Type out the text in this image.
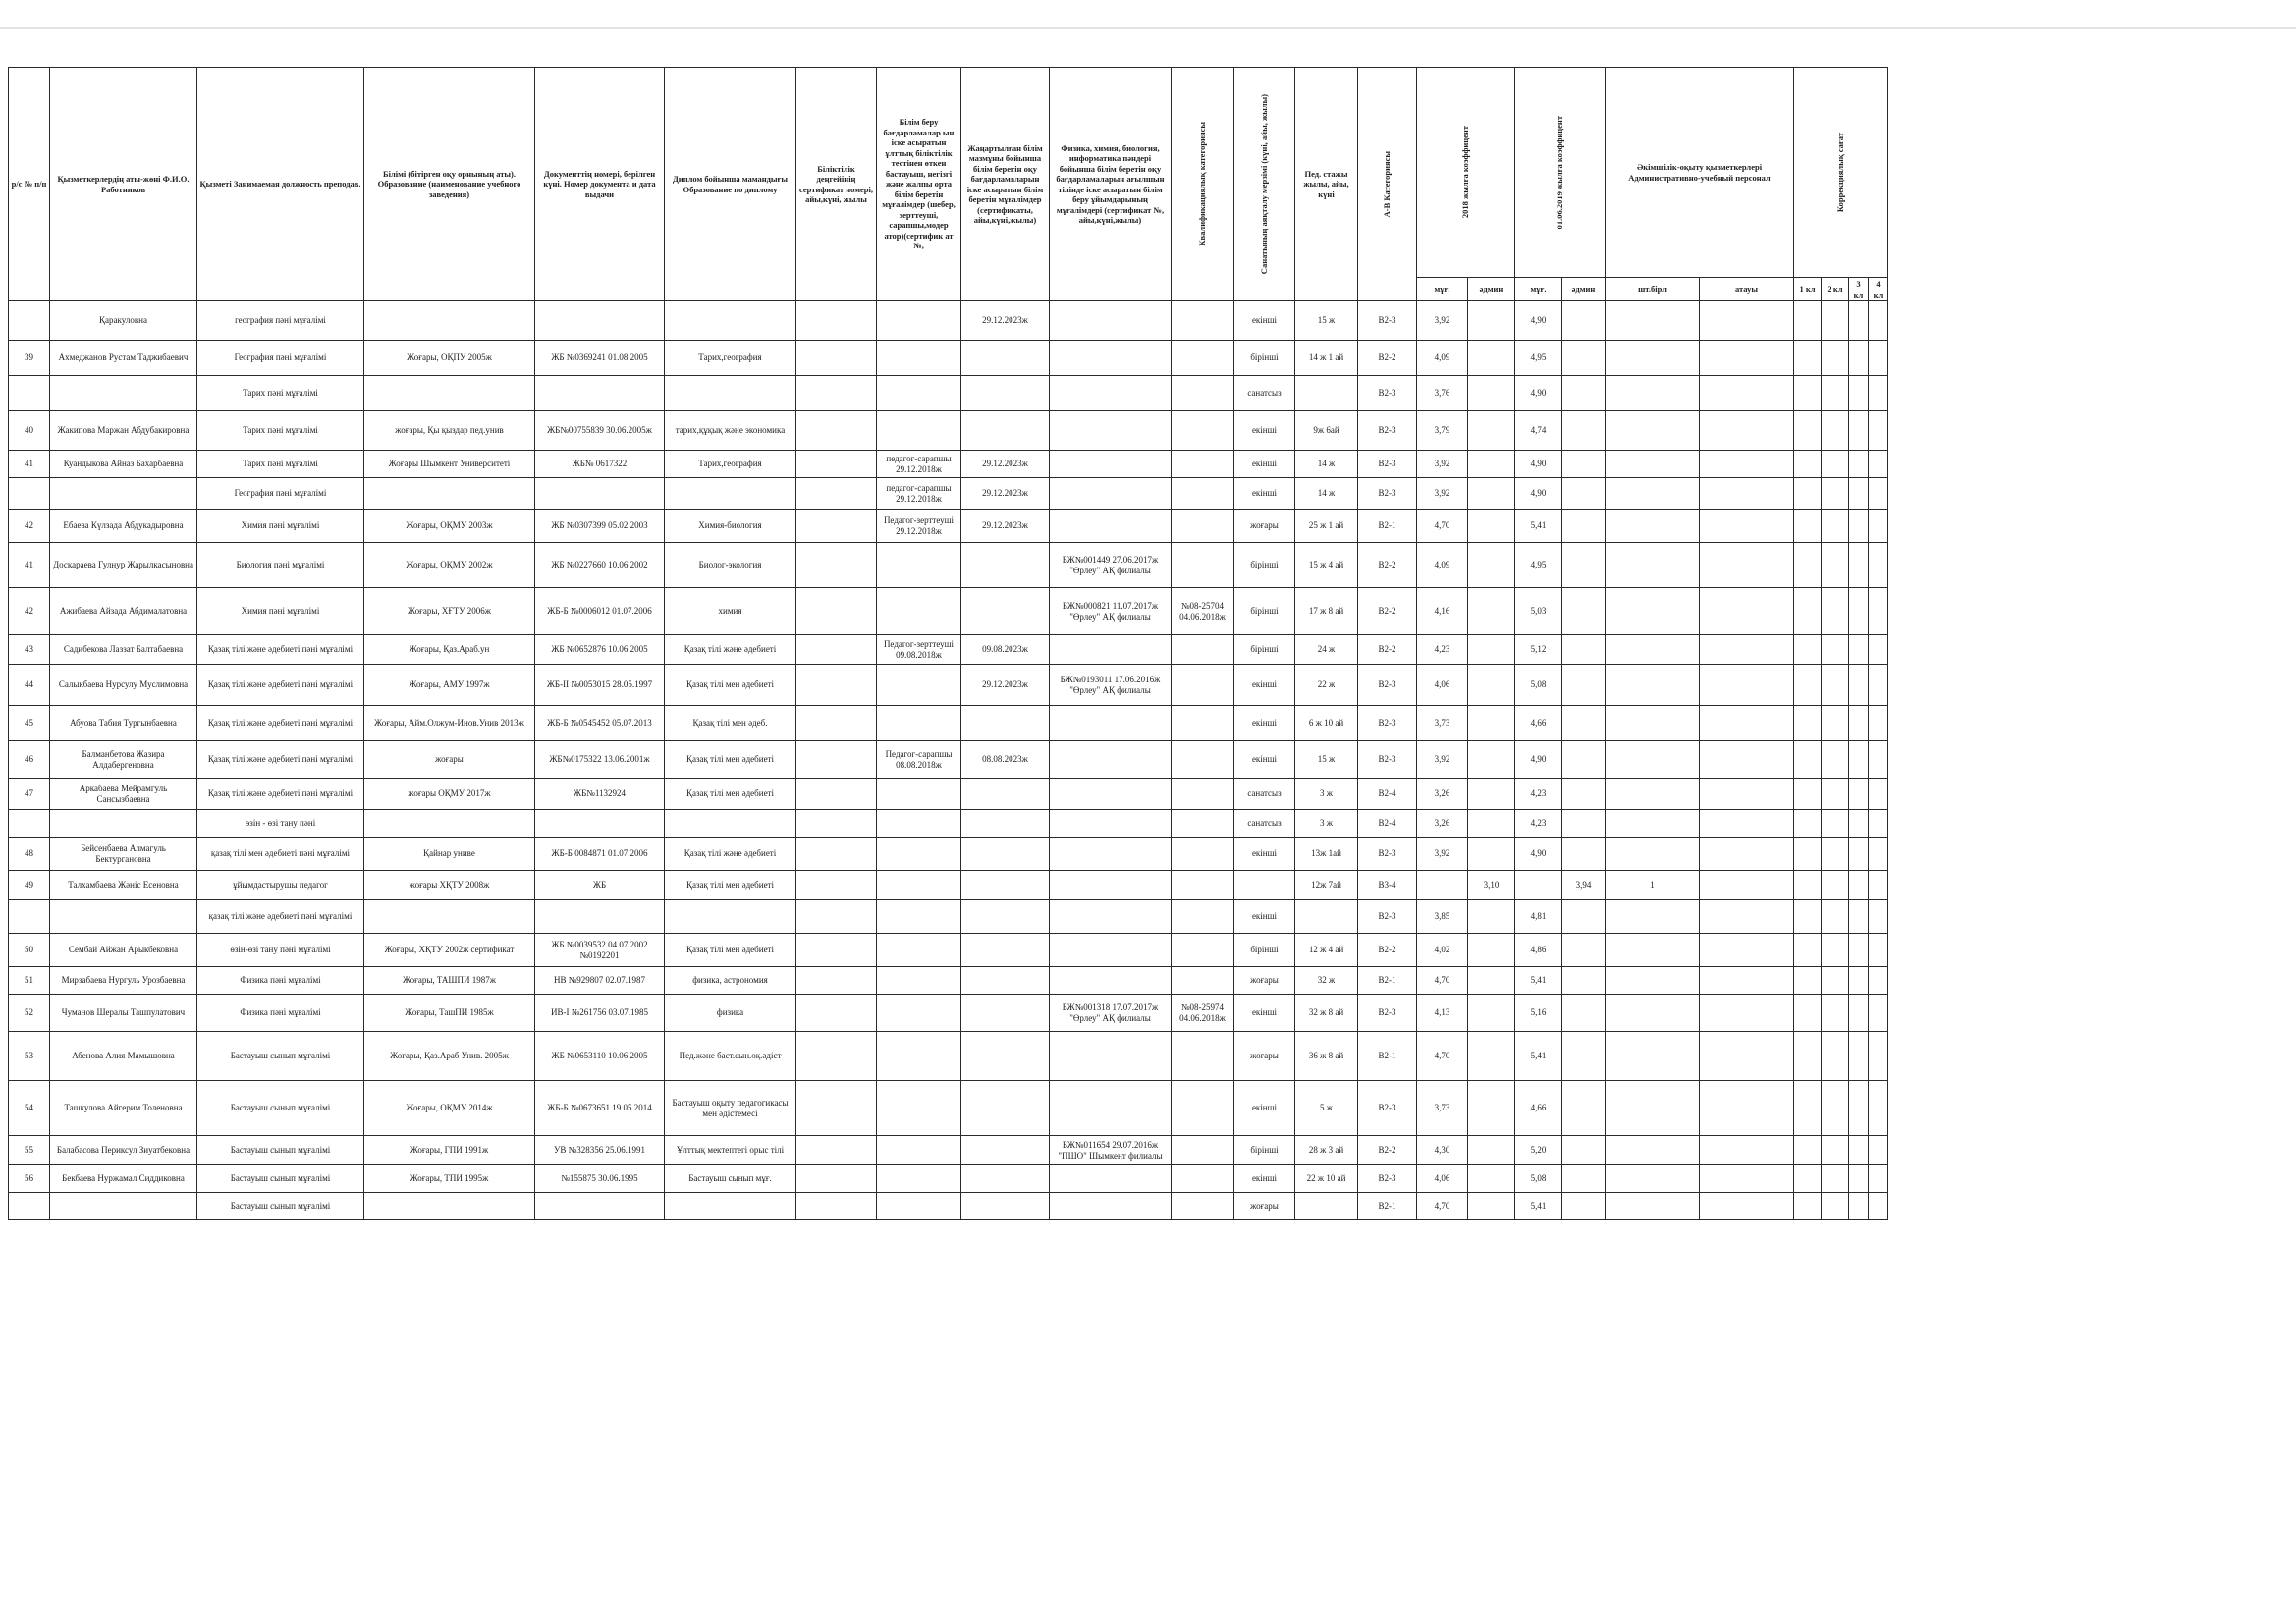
р/с № п/п	Қызметкерлердің аты-жөні Ф.И.О. Работников	Қызметі Занимаемая должность преподав.	Білімі (бітірген оқу орнының аты). Образование (наименование учебного заведения)	Документтің номері, берілген күні. Номер документа и дата выдачи	Диплом бойынша мамандығы Образование по диплому	Біліктілік деңгейінің сертификат номері, айы,күні, жылы	Білім беру бағдарламалар ын іске асыратын ұлттық біліктілік тестінен өткен бастауыш, негізгі және жалпы орта білім беретін мұғалімдер (шебер, зерттеуші, сарапшы,модер атор)(сертифик ат №,	Жаңартылған білім мазмұны бойынша білім беретін оқу бағдарламаларын іске асыратын білім беретін мұғалімдер (сертификаты, айы,күні,жылы)	Физика, химия, биология, информатика пәндері бойынша білім беретін оқу бағдарламаларын ағылшын тілінде іске асыратын білім беру ұйымдарының мұғалімдері (сертификат №, айы,күні,жылы)	Квалификациялық категориясы	Санатының аяқталу мерзімі (күні, айы, жылы)	Пед. стажы жылы, айы, күні	А-В Категориясы	2018 жылға коэффицент		01.06.2019 жылға коэффицент		Әкімшілік-оқыту қызметкерлері Административно-учебный персонал		Коррекциялық сағат			

														мұғ.	әдмин	мұғ.	әдмин	шт.бірл	атауы	1 кл	2 кл	3 кл	4 кл
	Қаракуловна	география пәні мұғалімі						29.12.2023ж			екінші	15 ж	В2-3	3,92		4,90							
39	Ахмеджанов Рустам Таджибаевич	География пәні мұғалімі	Жоғары, ОҚПУ 2005ж	ЖБ №0369241 01.08.2005	Тарих,география						бірінші	14 ж 1 ай	В2-2	4,09		4,95							
		Тарих пәні мұғалімі									санатсыз		В2-3	3,76		4,90							
40	Жакипова Маржан Абдубакировна	Тарих пәні мұғалімі	жоғары, Қы қыздар пед.унив	ЖБ№00755839 30.06.2005ж	тарих,құқық және экономика						екінші	9ж 6ай	В2-3	3,79		4,74							
41	Куандыкова Айназ Бахарбаевна	Тарих пәні мұғалімі	Жоғары Шымкент Университеті	ЖБ№ 0617322	Тарих,география		педагог-сарапшы 29.12.2018ж	29.12.2023ж			екінші	14 ж	В2-3	3,92		4,90							
		География пәні мұғалімі					педагог-сарапшы 29.12.2018ж	29.12.2023ж			екінші	14 ж	В2-3	3,92		4,90							
42	Ебаева Күлзада Абдукадыровна	Химия пәні мұғалімі	Жоғары, ОҚМУ 2003ж	ЖБ №0307399 05.02.2003	Химия-биология		Педагог-зерттеуші 29.12.2018ж	29.12.2023ж			жоғары	25 ж 1 ай	В2-1	4,70		5,41							
41	Доскараева Гулнур Жарылкасыновна	Биология пәні мұғалімі	Жоғары, ОҚМУ 2002ж	ЖБ №0227660 10.06.2002	Биолог-экология				БЖ№001449 27.06.2017ж "Өрлеу" АҚ филиалы		бірінші	15 ж 4 ай	В2-2	4,09		4,95							
42	Ажибаева Айзада Абдималатовна	Химия пәні мұғалімі	Жоғары, ХҒТУ 2006ж	ЖБ-Б №0006012 01.07.2006	химия				БЖ№000821 11.07.2017ж "Өрлеу" АҚ филиалы	№08-25704 04.06.2018ж	бірінші	17 ж 8 ай	В2-2	4,16		5,03							
43	Садибекова Лаззат Балтабаевна	Қазақ тілі және әдебиеті пәні мұғалімі	Жоғары, Қаз.Араб.ун	ЖБ №0652876 10.06.2005	Қазақ тілі және әдебиеті		Педагог-зерттеуші 09.08.2018ж	09.08.2023ж			бірінші	24 ж	В2-2	4,23		5,12							
44	Салыкбаева Нурсулу Муслимовна	Қазақ тілі және әдебиеті пәні мұғалімі	Жоғары, АМУ 1997ж	ЖБ-II №0053015 28.05.1997	Қазақ тілі мен әдебиеті			29.12.2023ж	БЖ№0193011 17.06.2016ж "Өрлеу" АҚ филиалы		екінші	22 ж	В2-3	4,06		5,08							
45	Абуова Табия Тургынбаевна	Қазақ тілі және әдебиеті пәні мұғалімі	Жоғары, Айм.Олжум-Инов.Унив 2013ж	ЖБ-Б №0545452 05.07.2013	Қазақ тілі мен әдеб.						екінші	6 ж 10 ай	В2-3	3,73		4,66							
46	Балманбетова Жазира Алдабергеновна	Қазақ тілі және әдебиеті пәні мұғалімі	жоғары	ЖБ№0175322 13.06.2001ж	Қазақ тілі мен әдебиеті		Педагог-сарапшы 08.08.2018ж	08.08.2023ж			екінші	15 ж	В2-3	3,92		4,90							
47	Аркабаева Мейрамгуль Сансызбаевна	Қазақ тілі және әдебиеті пәні мұғалімі	жоғары ОҚМУ 2017ж	ЖБ№1132924	Қазақ тілі мен әдебиеті						санатсыз	3 ж	В2-4	3,26		4,23							
		өзін - өзі тану пәні									санатсыз	3 ж	В2-4	3,26		4,23							
48	Бейсенбаева Алмагуль Бектургановна	қазақ тілі мен әдебиеті пәні мұғалімі	Қайнар униве	ЖБ-Б 0084871 01.07.2006	Қазақ тілі және әдебиеті						екінші	13ж 1ай	В2-3	3,92		4,90							
49	Талхамбаева Жәніс Есеновна	ұйымдастырушы педагог	жоғары ХҚТУ 2008ж	ЖБ	Қазақ тілі мен әдебиеті							12ж 7ай	В3-4		3,10		3,94	1					
		қазақ тілі және әдебиеті пәні мұғалімі									екінші		В2-3	3,85		4,81							
50	Сембай Айжан Арыкбековна	өзін-өзі тану пәні мұғалімі	Жоғары, ХҚТУ 2002ж сертификат	ЖБ №0039532 04.07.2002 №0192201	Қазақ тілі мен әдебиеті						бірінші	12 ж 4 ай	В2-2	4,02		4,86							
51	Мирзабаева Нургуль Урозбаевна	Физика пәні мұғалімі	Жоғары, ТАШПИ 1987ж	НВ №929807 02.07.1987	физика, астрономия						жоғары	32 ж	В2-1	4,70		5,41							
52	Чуманов Шералы Ташпулатович	Физика пәні мұғалімі	Жоғары, ТашПИ 1985ж	ИВ-I №261756 03.07.1985	физика				БЖ№001318 17.07.2017ж "Өрлеу" АҚ филиалы	№08-25974 04.06.2018ж	екінші	32 ж 8 ай	В2-3	4,13		5,16							
53	Абенова Алия Мамышовна	Бастауыш сынып мұғалімі	Жоғары, Қаз.Араб Унив. 2005ж	ЖБ №0653110 10.06.2005	Пед.және баст.сын.оқ.әдіст						жоғары	36 ж 8 ай	В2-1	4,70		5,41							
54	Ташкулова Айгерим Толеновна	Бастауыш сынып мұғалімі	Жоғары, ОҚМУ 2014ж	ЖБ-Б №0673651 19.05.2014	Бастауыш оқыту педагогикасы мен әдістемесі						екінші	5 ж	В2-3	3,73		4,66							
55	Балабасова Периксул Зиуатбековна	Бастауыш сынып мұғалімі	Жоғары, ГПИ 1991ж	УВ №328356 25.06.1991	Ұлттық мектептегі орыс тілі				БЖ№011654 29.07.2016ж "ПШО" Шымкент филиалы		бірінші	28 ж 3 ай	В2-2	4,30		5,20							
56	Бекбаева Нуржамал Сиддиковна	Бастауыш сынып мұғалімі	Жоғары, ТПИ 1995ж	№155875 30.06.1995	Бастауыш сынып мұғ.						екінші	22 ж 10 ай	В2-3	4,06		5,08							
		Бастауыш сынып мұғалімі									жоғары		В2-1	4,70		5,41							
